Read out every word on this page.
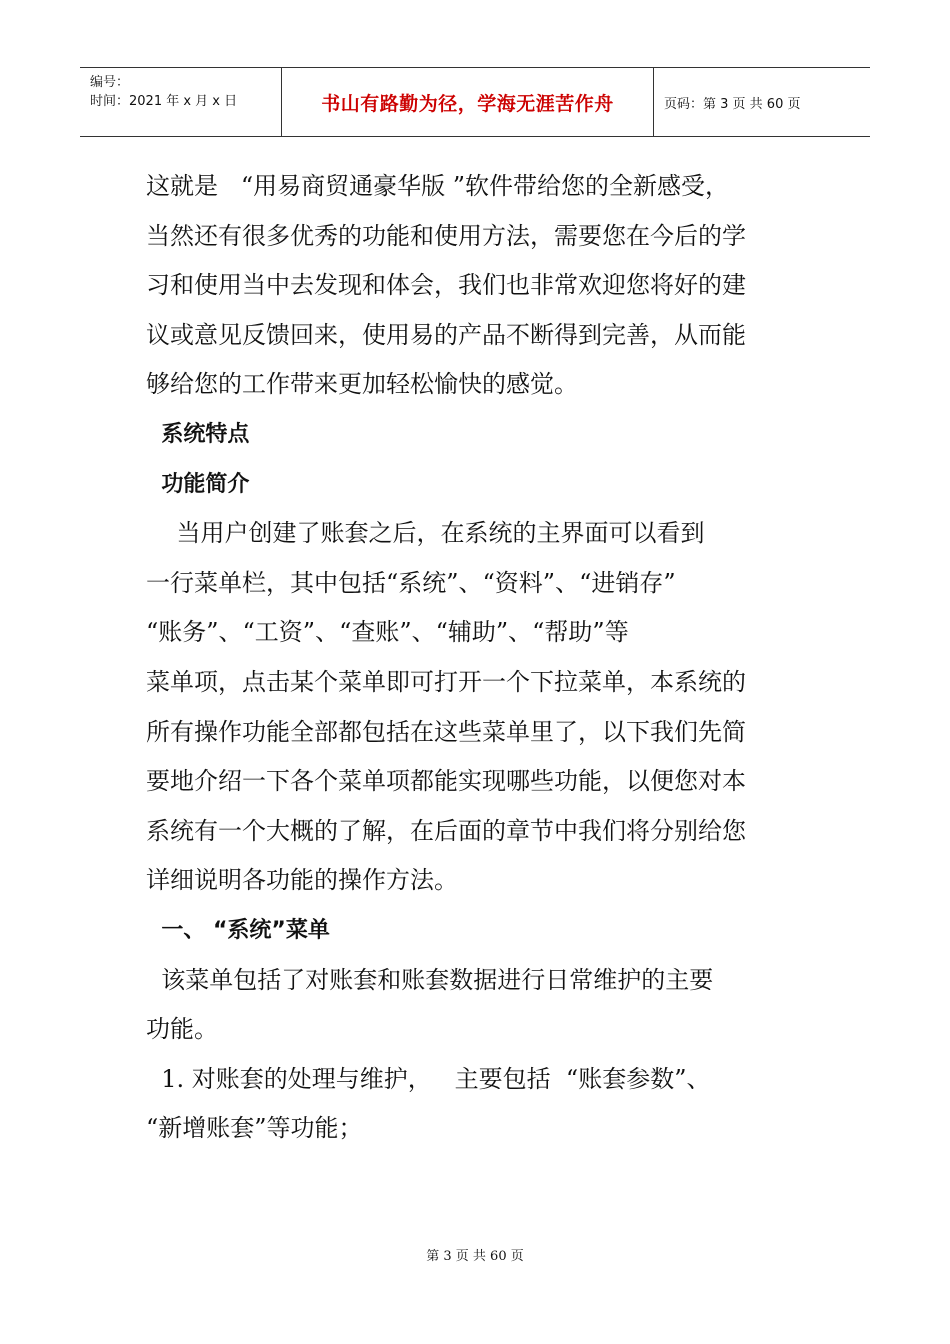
编号：
时间：2021 年 x 月 x 日	书山有路勤为径，学海无涯苦作舟	页码：第 3 页 共 60 页
这就是   “用易商贸通豪华版 ”软件带给您的全新感受，
当然还有很多优秀的功能和使用方法，需要您在今后的学
习和使用当中去发现和体会，我们也非常欢迎您将好的建
议或意见反馈回来，使用易的产品不断得到完善，从而能
够给您的工作带来更加轻松愉快的感觉。
系统特点
功能简介
当用户创建了账套之后，在系统的主界面可以看到
一行菜单栏，其中包括“系统”、“资料”、“进销存”
“账务”、“工资”、“查账”、“辅助”、“帮助”等
菜单项，点击某个菜单即可打开一个下拉菜单，本系统的
所有操作功能全部都包括在这些菜单里了，以下我们先简
要地介绍一下各个菜单项都能实现哪些功能，以便您对本
系统有一个大概的了解，在后面的章节中我们将分别给您
详细说明各功能的操作方法。
一、 “系统”菜单
该菜单包括了对账套和账套数据进行日常维护的主要
功能。
1. 对账套的处理与维护，   主要包括  “账套参数”、
“新增账套”等功能；
第 3 页 共 60 页
